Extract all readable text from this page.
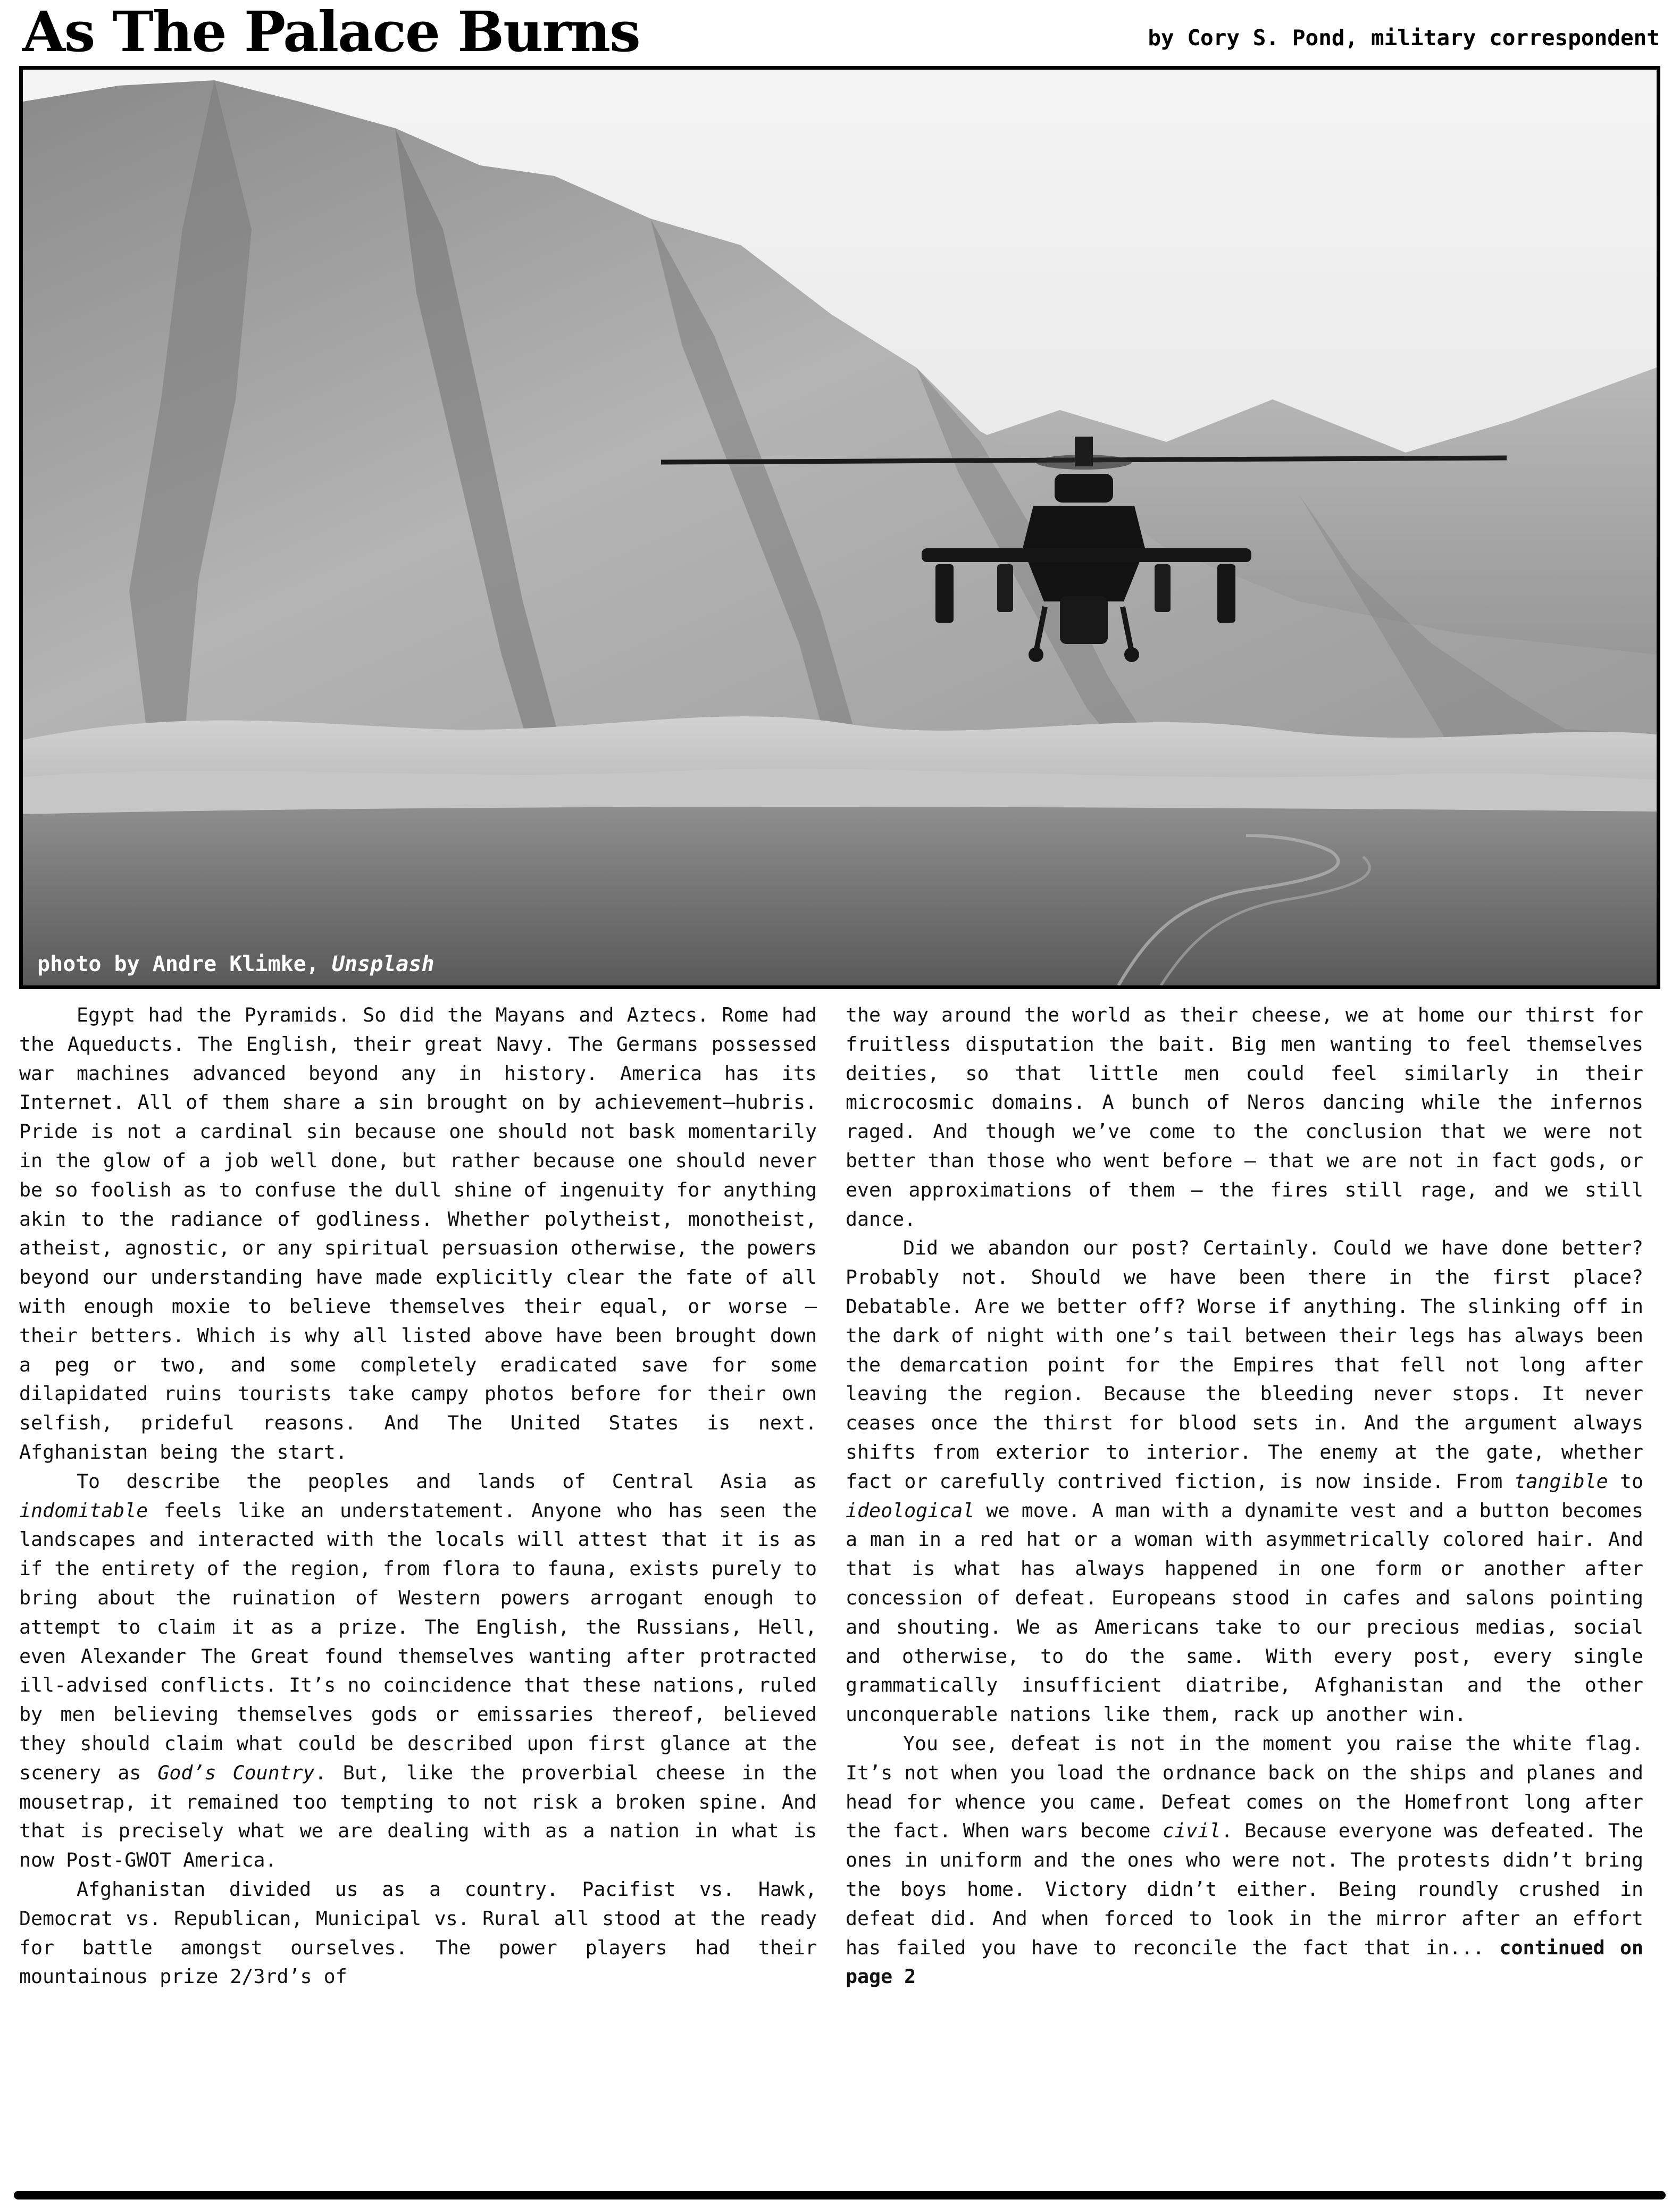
As The Palace Burns	by Cory S. Pond, military correspondent
photo by Andre Klimke, Unsplash

Egypt had the Pyramids. So did the Mayans and Aztecs. Rome had the Aqueducts. The English, their great Navy. The Germans possessed war machines advanced beyond any in history. America has its Internet. All of them share a sin brought on by achievement—hubris. Pride is not a cardinal sin because one should not bask momentarily in the glow of a job well done, but rather because one should never be so foolish as to confuse the dull shine of ingenuity for anything akin to the radiance of godliness. Whether polytheist, monotheist, atheist, agnostic, or any spiritual persuasion otherwise, the powers beyond our understanding have made explicitly clear the fate of all with enough moxie to believe themselves their equal, or worse — their betters. Which is why all listed above have been brought down a peg or two, and some completely eradicated save for some dilapidated ruins tourists take campy photos before for their own selfish, prideful reasons. And The United States is next. Afghanistan being the start.

To describe the peoples and lands of Central Asia as indomitable feels like an understatement. Anyone who has seen the landscapes and interacted with the locals will attest that it is as if the entirety of the region, from flora to fauna, exists purely to bring about the ruination of Western powers arrogant enough to attempt to claim it as a prize. The English, the Russians, Hell, even Alexander The Great found themselves wanting after protracted ill-advised conflicts. It’s no coincidence that these nations, ruled by men believing themselves gods or emissaries thereof, believed they should claim what could be described upon first glance at the scenery as God’s Country. But, like the proverbial cheese in the mousetrap, it remained too tempting to not risk a broken spine. And that is precisely what we are dealing with as a nation in what is now Post-GWOT America.

Afghanistan divided us as a country. Pacifist vs. Hawk, Democrat vs. Republican, Municipal vs. Rural all stood at the ready for battle amongst ourselves. The power players had their mountainous prize 2/3rd’s of

the way around the world as their cheese, we at home our thirst for fruitless disputation the bait. Big men wanting to feel themselves deities, so that little men could feel similarly in their microcosmic domains. A bunch of Neros dancing while the infernos raged. And though we’ve come to the conclusion that we were not better than those who went before — that we are not in fact gods, or even approximations of them — the fires still rage, and we still dance.

Did we abandon our post? Certainly. Could we have done better? Probably not. Should we have been there in the first place? Debatable. Are we better off? Worse if anything. The slinking off in the dark of night with one’s tail between their legs has always been the demarcation point for the Empires that fell not long after leaving the region. Because the bleeding never stops. It never ceases once the thirst for blood sets in. And the argument always shifts from exterior to interior. The enemy at the gate, whether fact or carefully contrived fiction, is now inside. From tangible to ideological we move. A man with a dynamite vest and a button becomes a man in a red hat or a woman with asymmetrically colored hair. And that is what has always happened in one form or another after concession of defeat. Europeans stood in cafes and salons pointing and shouting. We as Americans take to our precious medias, social and otherwise, to do the same. With every post, every single grammatically insufficient diatribe, Afghanistan and the other unconquerable nations like them, rack up another win.

You see, defeat is not in the moment you raise the white flag. It’s not when you load the ordnance back on the ships and planes and head for whence you came. Defeat comes on the Homefront long after the fact. When wars become civil. Because everyone was defeated. The ones in uniform and the ones who were not. The protests didn’t bring the boys home. Victory didn’t either. Being roundly crushed in defeat did. And when forced to look in the mirror after an effort has failed you have to reconcile the fact that in... continued on page 2
